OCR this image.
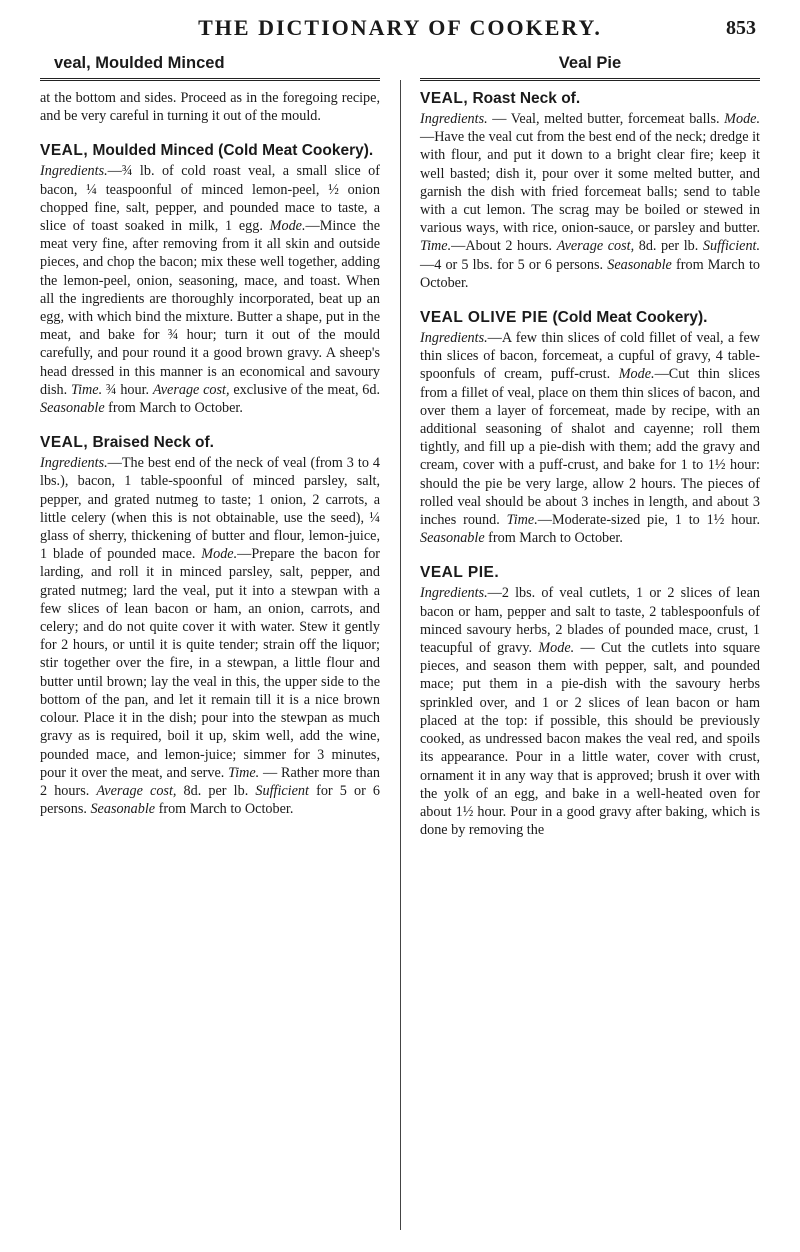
THE DICTIONARY OF COOKERY.	853
veal, Moulded Minced

at the bottom and sides. Proceed as in the foregoing recipe, and be very careful in turning it out of the mould.

VEAL, Moulded Minced (Cold Meat Cookery).

Ingredients.—¾ lb. of cold roast veal, a small slice of bacon, ¼ teaspoonful of minced lemon-peel, ½ onion chopped fine, salt, pepper, and pounded mace to taste, a slice of toast soaked in milk, 1 egg. Mode.—Mince the meat very fine, after removing from it all skin and outside pieces, and chop the bacon; mix these well together, adding the lemon-peel, onion, seasoning, mace, and toast. When all the ingredients are thoroughly incorporated, beat up an egg, with which bind the mixture. Butter a shape, put in the meat, and bake for ¾ hour; turn it out of the mould carefully, and pour round it a good brown gravy. A sheep's head dressed in this manner is an economical and savoury dish. Time. ¾ hour. Average cost, exclusive of the meat, 6d. Seasonable from March to October.

VEAL, Braised Neck of.

Ingredients.—The best end of the neck of veal (from 3 to 4 lbs.), bacon, 1 table-spoonful of minced parsley, salt, pepper, and grated nutmeg to taste; 1 onion, 2 carrots, a little celery (when this is not obtainable, use the seed), ¼ glass of sherry, thickening of butter and flour, lemon-juice, 1 blade of pounded mace. Mode.—Prepare the bacon for larding, and roll it in minced parsley, salt, pepper, and grated nutmeg; lard the veal, put it into a stewpan with a few slices of lean bacon or ham, an onion, carrots, and celery; and do not quite cover it with water. Stew it gently for 2 hours, or until it is quite tender; strain off the liquor; stir together over the fire, in a stewpan, a little flour and butter until brown; lay the veal in this, the upper side to the bottom of the pan, and let it remain till it is a nice brown colour. Place it in the dish; pour into the stewpan as much gravy as is required, boil it up, skim well, add the wine, pounded mace, and lemon-juice; simmer for 3 minutes, pour it over the meat, and serve. Time. — Rather more than 2 hours. Average cost, 8d. per lb. Sufficient for 5 or 6 persons. Seasonable from March to October.

Veal Pie
VEAL, Roast Neck of.

Ingredients. — Veal, melted butter, forcemeat balls. Mode.—Have the veal cut from the best end of the neck; dredge it with flour, and put it down to a bright clear fire; keep it well basted; dish it, pour over it some melted butter, and garnish the dish with fried forcemeat balls; send to table with a cut lemon. The scrag may be boiled or stewed in various ways, with rice, onion-sauce, or parsley and butter. Time.—About 2 hours. Average cost, 8d. per lb. Sufficient.—4 or 5 lbs. for 5 or 6 persons. Seasonable from March to October.

VEAL OLIVE PIE (Cold Meat Cookery).

Ingredients.—A few thin slices of cold fillet of veal, a few thin slices of bacon, forcemeat, a cupful of gravy, 4 table-spoonfuls of cream, puff-crust. Mode.—Cut thin slices from a fillet of veal, place on them thin slices of bacon, and over them a layer of forcemeat, made by recipe, with an additional seasoning of shalot and cayenne; roll them tightly, and fill up a pie-dish with them; add the gravy and cream, cover with a puff-crust, and bake for 1 to 1½ hour: should the pie be very large, allow 2 hours. The pieces of rolled veal should be about 3 inches in length, and about 3 inches round. Time.—Moderate-sized pie, 1 to 1½ hour. Seasonable from March to October.

VEAL PIE.

Ingredients.—2 lbs. of veal cutlets, 1 or 2 slices of lean bacon or ham, pepper and salt to taste, 2 tablespoonfuls of minced savoury herbs, 2 blades of pounded mace, crust, 1 teacupful of gravy. Mode. — Cut the cutlets into square pieces, and season them with pepper, salt, and pounded mace; put them in a pie-dish with the savoury herbs sprinkled over, and 1 or 2 slices of lean bacon or ham placed at the top: if possible, this should be previously cooked, as undressed bacon makes the veal red, and spoils its appearance. Pour in a little water, cover with crust, ornament it in any way that is approved; brush it over with the yolk of an egg, and bake in a well-heated oven for about 1½ hour. Pour in a good gravy after baking, which is done by removing the
